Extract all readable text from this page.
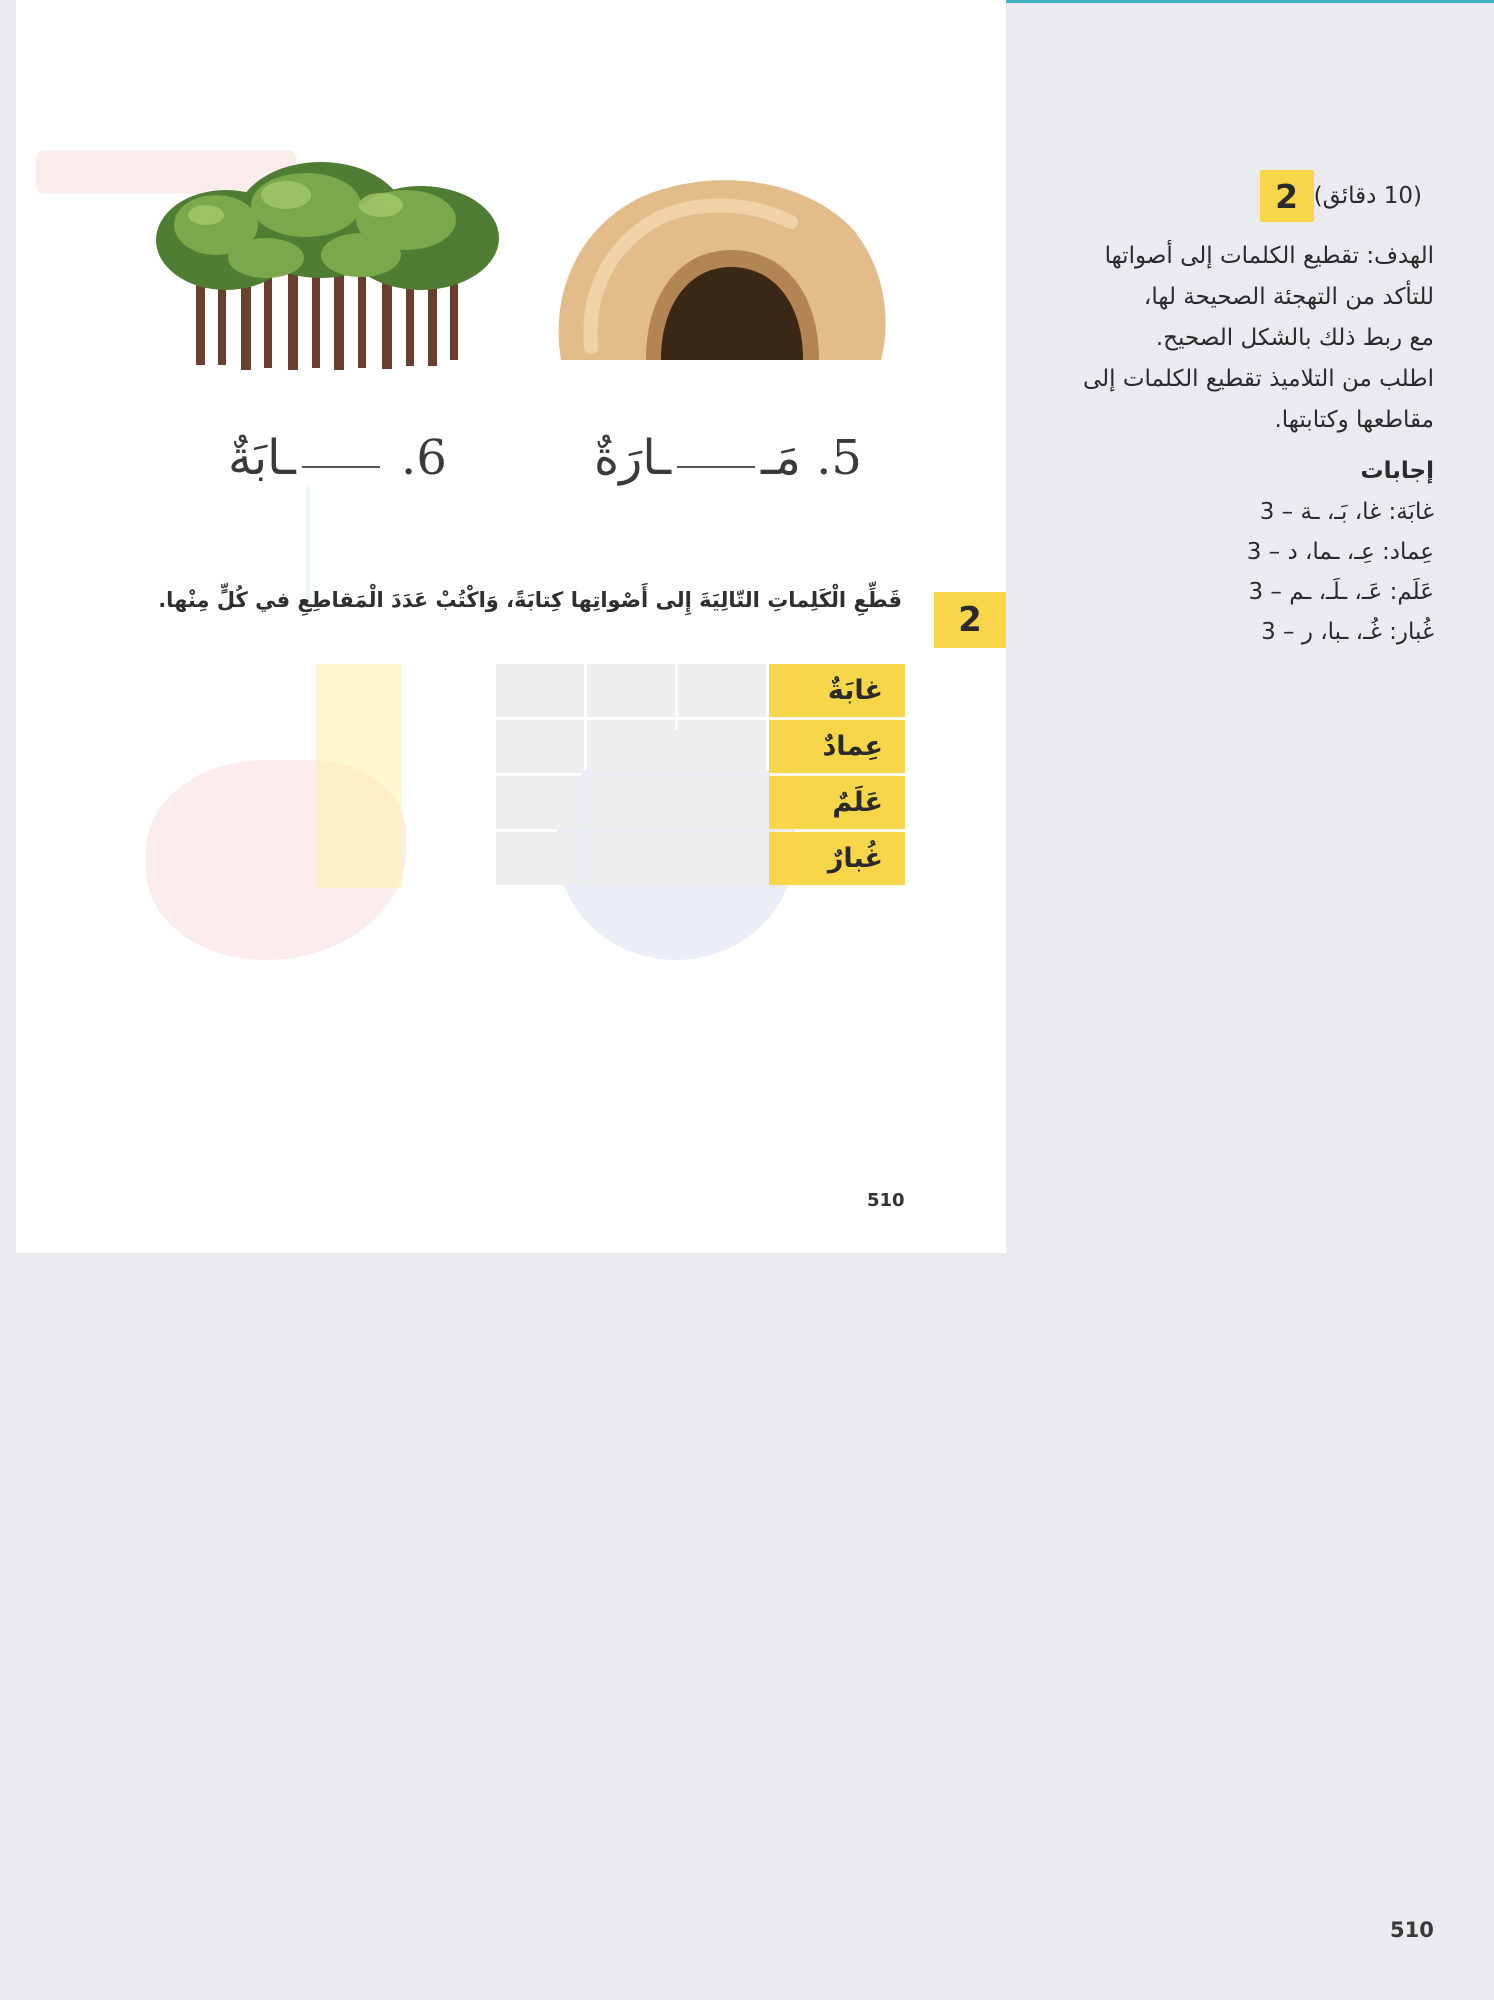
5. مَــارَةٌ
6. ـابَةٌ
2
قَطِّعِ الْكَلِماتِ التّالِيَةَ إِلى أَصْواتِها كِتابَةً، وَاكْتُبْ عَدَدَ الْمَقاطِعِ في كُلٍّ مِنْها.
غابَةٌ
عِمادٌ
عَلَمٌ
غُبارٌ
510
2 (10 دقائق)
الهدف: تقطيع الكلمات إلى أصواتها
للتأكد من التهجئة الصحيحة لها،
مع ربط ذلك بالشكل الصحيح.
اطلب من التلاميذ تقطيع الكلمات إلى
مقاطعها وكتابتها.
إجابات
غابَة: غا، بَـ، ـة – 3
عِماد: عِـ، ـما، د – 3
عَلَم: عَـ، ـلَـ، ـم – 3
غُبار: غُـ، ـبا، ر – 3
510
